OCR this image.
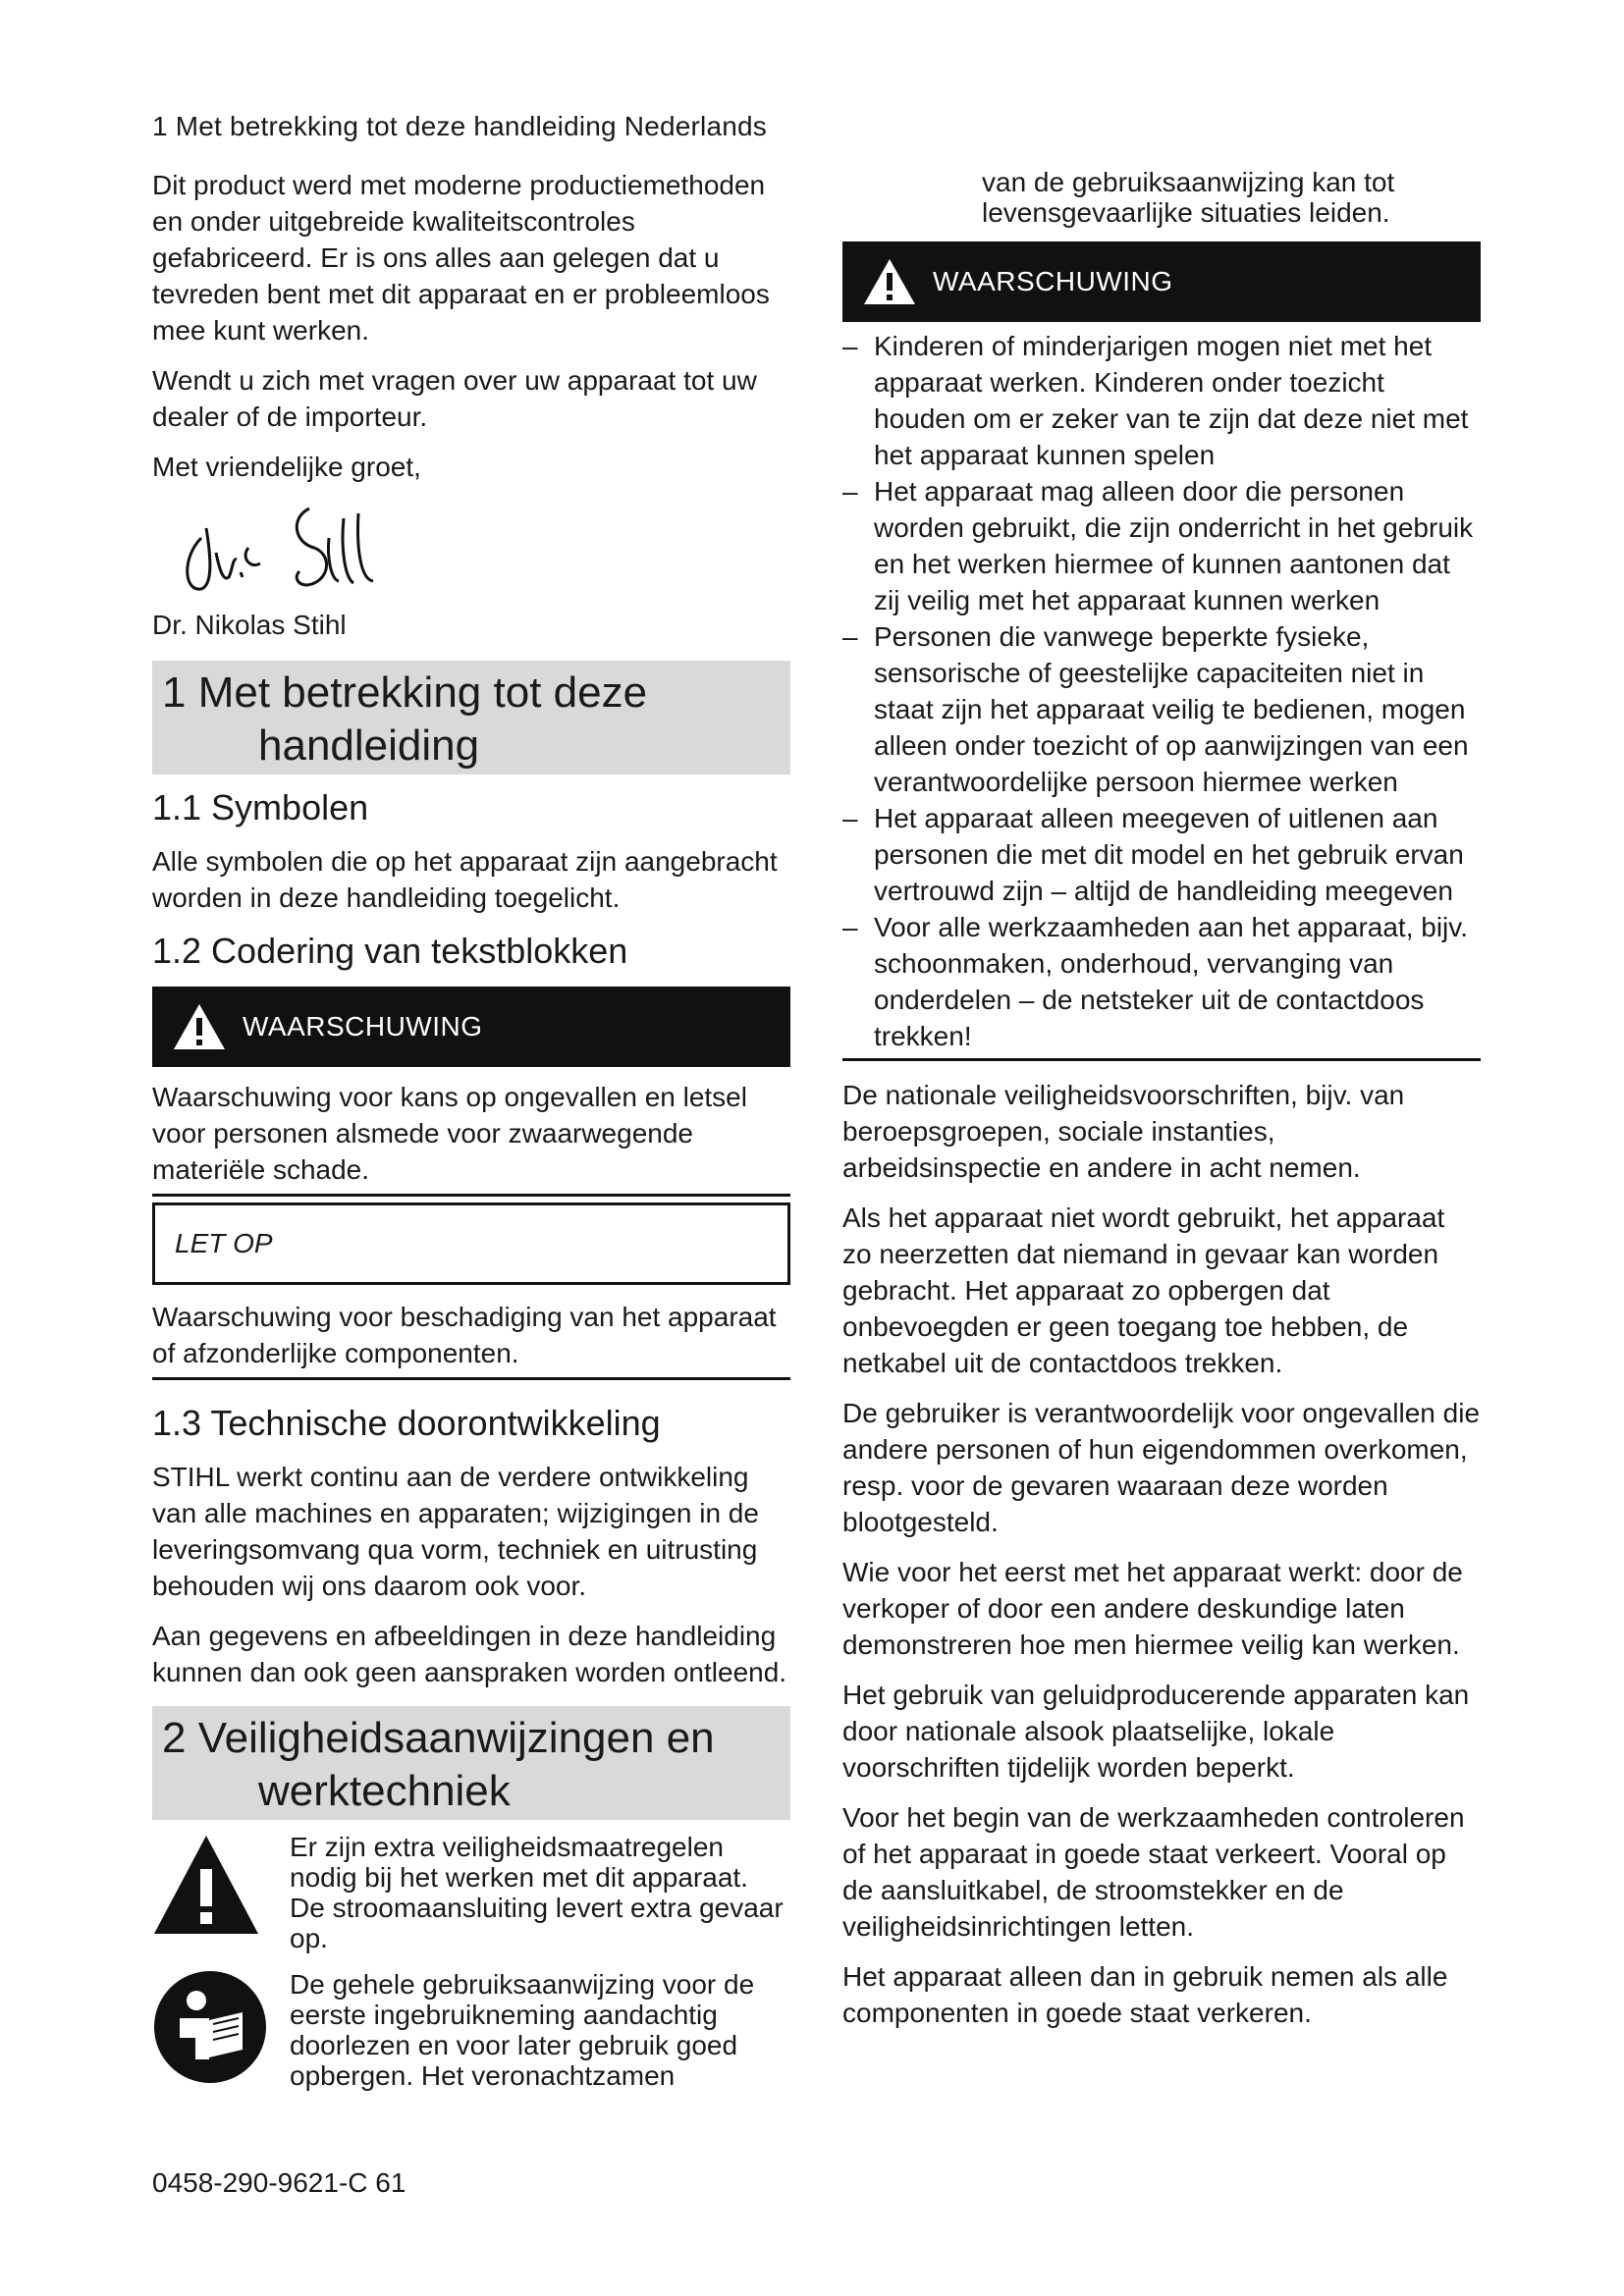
1 Met betrekking tot deze handleiding Nederlands

Dit product werd met moderne productiemethoden en onder uitgebreide kwaliteitscontroles gefabriceerd. Er is ons alles aan gelegen dat u tevreden bent met dit apparaat en er probleemloos mee kunt werken.

Wendt u zich met vragen over uw apparaat tot uw dealer of de importeur.

Met vriendelijke groet,

Dr. Nikolas Stihl

1 Met betrekking tot deze
handleiding
1.1 Symbolen

Alle symbolen die op het apparaat zijn aangebracht worden in deze handleiding toegelicht.

1.2 Codering van tekstblokken
WAARSCHUWING

Waarschuwing voor kans op ongevallen en letsel voor personen alsmede voor zwaarwegende materiële schade.

LET OP

Waarschuwing voor beschadiging van het apparaat of afzonderlijke componenten.

1.3 Technische doorontwikkeling

STIHL werkt continu aan de verdere ontwikkeling van alle machines en apparaten; wijzigingen in de leveringsomvang qua vorm, techniek en uitrusting behouden wij ons daarom ook voor.

Aan gegevens en afbeeldingen in deze handleiding kunnen dan ook geen aanspraken worden ontleend.

2 Veiligheidsaanwijzingen en
werktechniek
Er zijn extra veiligheidsmaatregelen nodig bij het werken met dit apparaat. De stroomaansluiting levert extra gevaar op.
De gehele gebruiksaanwijzing voor de eerste ingebruikneming aandachtig doorlezen en voor later gebruik goed opbergen. Het veronachtzamen

van de gebruiksaanwijzing kan tot levensgevaarlijke situaties leiden.

WAARSCHUWING
– Kinderen of minderjarigen mogen niet met het apparaat werken. Kinderen onder toezicht houden om er zeker van te zijn dat deze niet met het apparaat kunnen spelen
– Het apparaat mag alleen door die personen worden gebruikt, die zijn onderricht in het gebruik en het werken hiermee of kunnen aantonen dat zij veilig met het apparaat kunnen werken
– Personen die vanwege beperkte fysieke, sensorische of geestelijke capaciteiten niet in staat zijn het apparaat veilig te bedienen, mogen alleen onder toezicht of op aanwijzingen van een verantwoordelijke persoon hiermee werken
– Het apparaat alleen meegeven of uitlenen aan personen die met dit model en het gebruik ervan vertrouwd zijn – altijd de handleiding meegeven
– Voor alle werkzaamheden aan het apparaat, bijv. schoonmaken, onderhoud, vervanging van onderdelen – de netsteker uit de contactdoos trekken!

De nationale veiligheidsvoorschriften, bijv. van beroepsgroepen, sociale instanties, arbeidsinspectie en andere in acht nemen.

Als het apparaat niet wordt gebruikt, het apparaat zo neerzetten dat niemand in gevaar kan worden gebracht. Het apparaat zo opbergen dat onbevoegden er geen toegang toe hebben, de netkabel uit de contactdoos trekken.

De gebruiker is verantwoordelijk voor ongevallen die andere personen of hun eigendommen overkomen, resp. voor de gevaren waaraan deze worden blootgesteld.

Wie voor het eerst met het apparaat werkt: door de verkoper of door een andere deskundige laten demonstreren hoe men hiermee veilig kan werken.

Het gebruik van geluidproducerende apparaten kan door nationale alsook plaatselijke, lokale voorschriften tijdelijk worden beperkt.

Voor het begin van de werkzaamheden controleren of het apparaat in goede staat verkeert. Vooral op de aansluitkabel, de stroomstekker en de veiligheidsinrichtingen letten.

Het apparaat alleen dan in gebruik nemen als alle componenten in goede staat verkeren.

0458-290-9621-C 61
